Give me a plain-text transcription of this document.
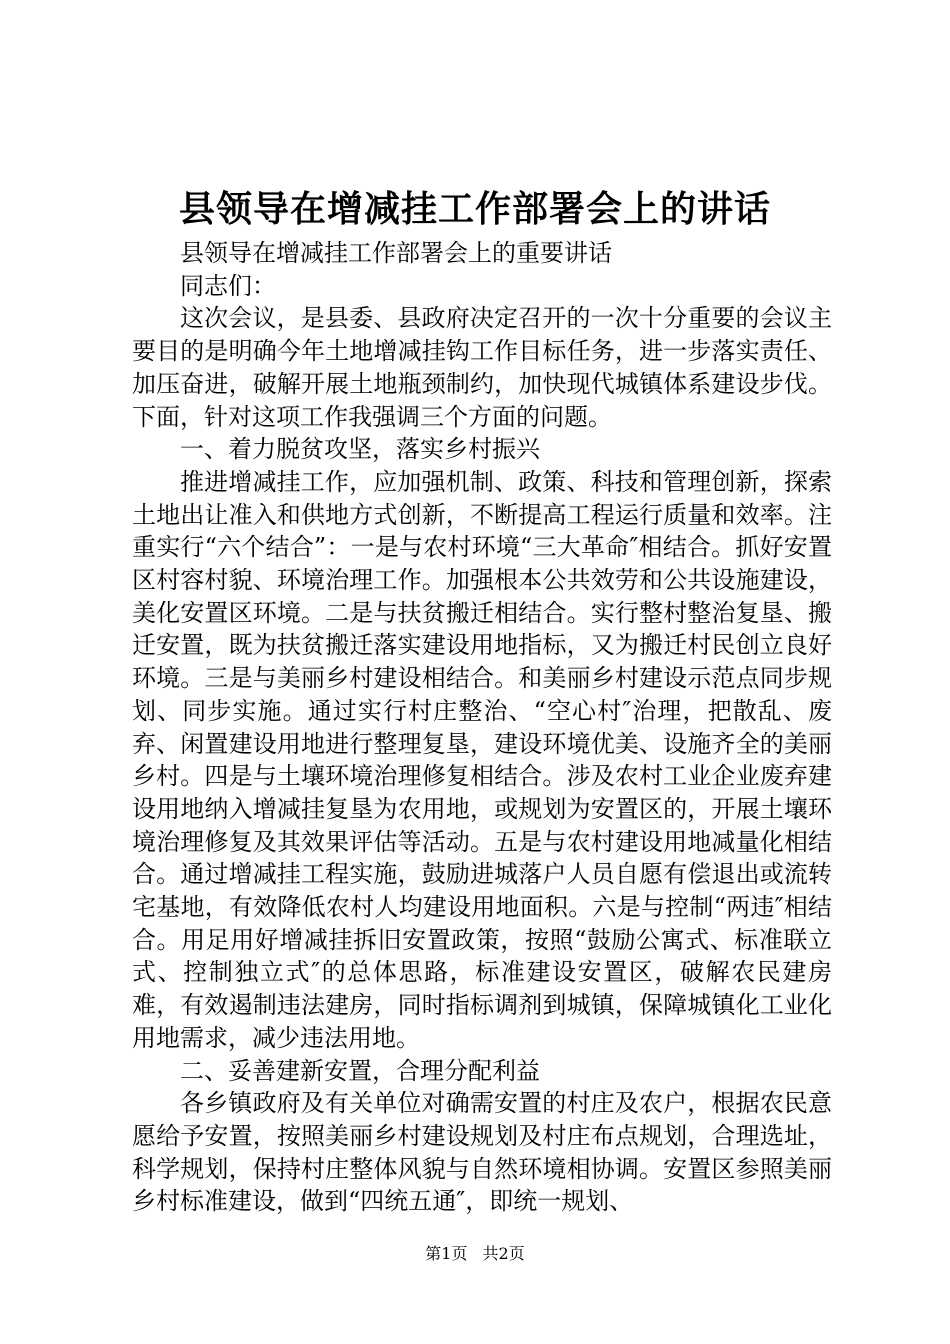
县领导在增减挂工作部署会上的讲话

县领导在增减挂工作部署会上的重要讲话

同志们：

这次会议，是县委、县政府决定召开的一次十分重要的会议主要目的是明确今年土地增减挂钩工作目标任务，进一步落实责任、加压奋进，破解开展土地瓶颈制约，加快现代城镇体系建设步伐。下面，针对这项工作我强调三个方面的问题。

一、着力脱贫攻坚，落实乡村振兴

推进增减挂工作，应加强机制、政策、科技和管理创新，探索土地出让准入和供地方式创新，不断提高工程运行质量和效率。注重实行“六个结合”：一是与农村环境“三大革命″相结合。抓好安置区村容村貌、环境治理工作。加强根本公共效劳和公共设施建设，美化安置区环境。二是与扶贫搬迁相结合。实行整村整治复垦、搬迁安置，既为扶贫搬迁落实建设用地指标，又为搬迁村民创立良好环境。三是与美丽乡村建设相结合。和美丽乡村建设示范点同步规划、同步实施。通过实行村庄整治、“空心村″治理，把散乱、废弃、闲置建设用地进行整理复垦，建设环境优美、设施齐全的美丽乡村。四是与土壤环境治理修复相结合。涉及农村工业企业废弃建设用地纳入增减挂复垦为农用地，或规划为安置区的，开展土壤环境治理修复及其效果评估等活动。五是与农村建设用地减量化相结合。通过增减挂工程实施，鼓励进城落户人员自愿有偿退出或流转宅基地，有效降低农村人均建设用地面积。六是与控制“两违″相结合。用足用好增减挂拆旧安置政策，按照“鼓励公寓式、标准联立式、控制独立式″的总体思路，标准建设安置区，破解农民建房难，有效遏制违法建房，同时指标调剂到城镇，保障城镇化工业化用地需求，减少违法用地。

二、妥善建新安置，合理分配利益

各乡镇政府及有关单位对确需安置的村庄及农户，根据农民意愿给予安置，按照美丽乡村建设规划及村庄布点规划，合理选址，科学规划，保持村庄整体风貌与自然环境相协调。安置区参照美丽乡村标准建设，做到“四统五通″，即统一规划、

第1页 共2页
